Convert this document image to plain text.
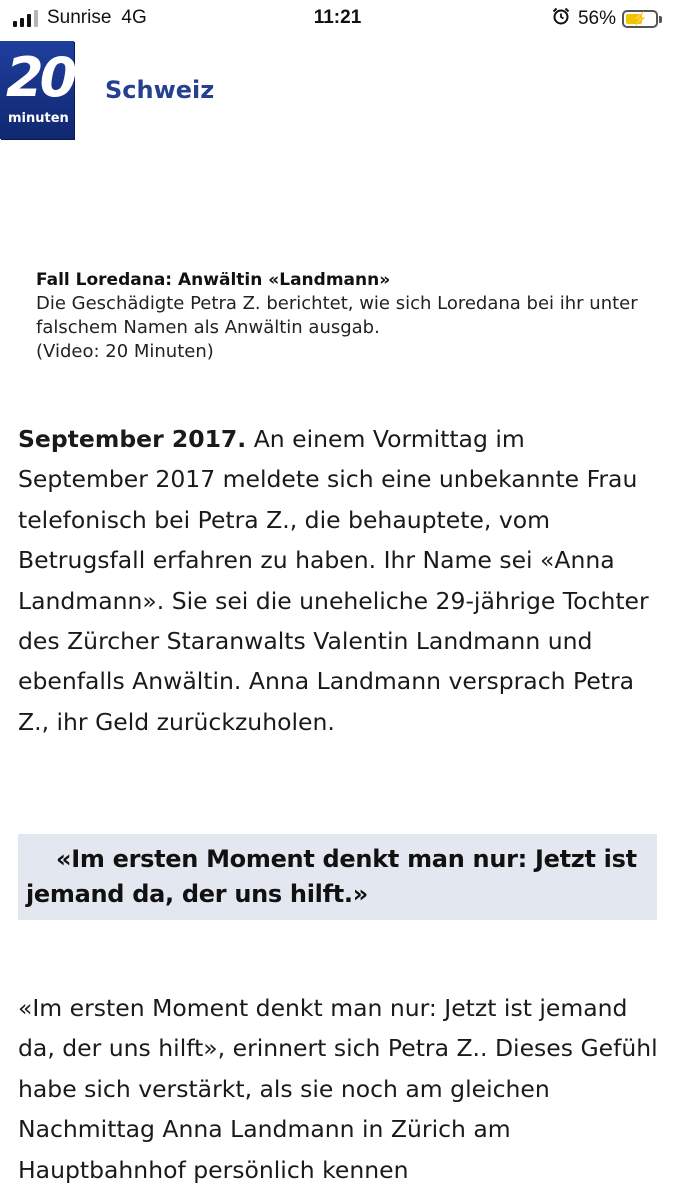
Sunrise 4G	11:21	56%	⚡
20
minuten
Schweiz
Fall Loredana: Anwältin «Landmann»

Die Geschädigte Petra Z. berichtet, wie sich Loredana bei ihr unter falschem Namen als Anwältin ausgab.

(Video: 20 Minuten)

September 2017. An einem Vormittag im September 2017 meldete sich eine unbekannte Frau telefonisch bei Petra Z., die behauptete, vom Betrugsfall erfahren zu haben. Ihr Name sei «Anna Landmann». Sie sei die uneheliche 29-jährige Tochter des Zürcher Staranwalts Valentin Landmann und ebenfalls Anwältin. Anna Landmann versprach Petra Z., ihr Geld zurückzuholen.

«Im ersten Moment denkt man nur: Jetzt ist jemand da, der uns hilft.»

«Im ersten Moment denkt man nur: Jetzt ist jemand da, der uns hilft», erinnert sich Petra Z.. Dieses Gefühl habe sich verstärkt, als sie noch am gleichen Nachmittag Anna Landmann in Zürich am Hauptbahnhof persönlich kennen
